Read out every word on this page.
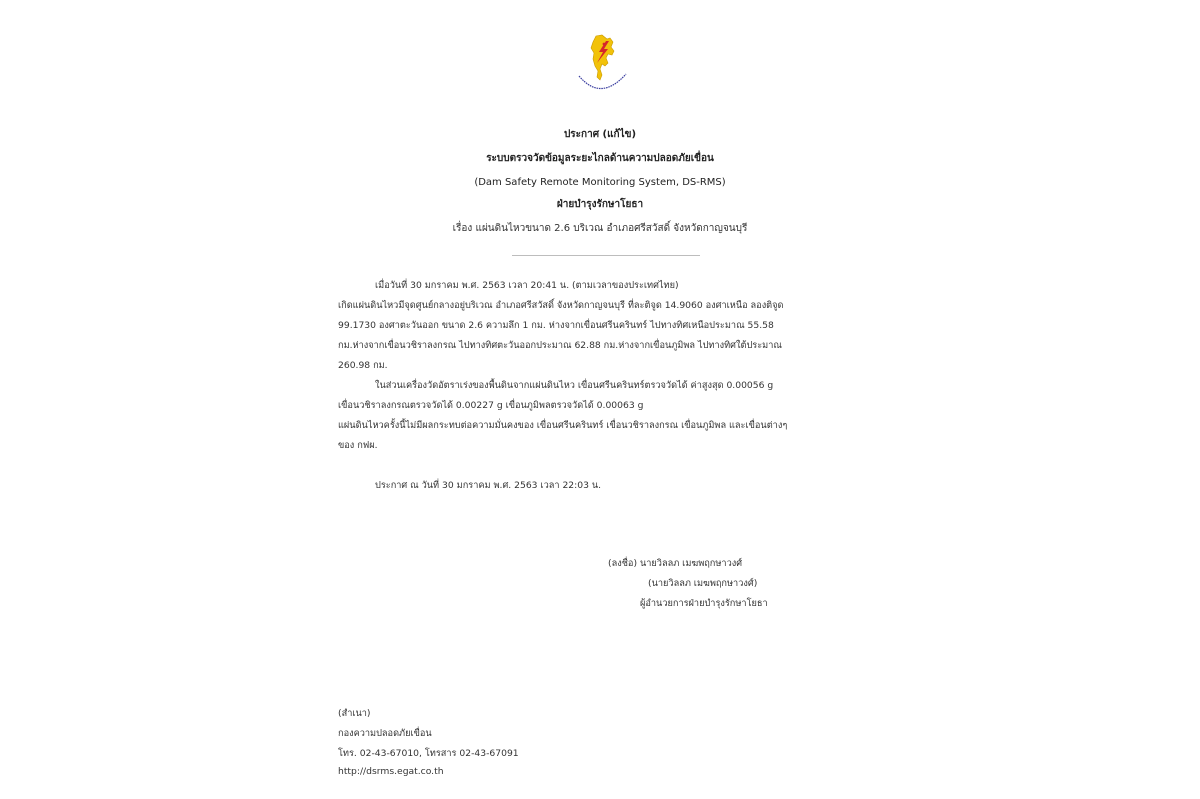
ประกาศ (แก้ไข)
ระบบตรวจวัดข้อมูลระยะไกลด้านความปลอดภัยเขื่อน
(Dam Safety Remote Monitoring System, DS-RMS)
ฝ่ายบำรุงรักษาโยธา
เรื่อง แผ่นดินไหวขนาด 2.6 บริเวณ อำเภอศรีสวัสดิ์ จังหวัดกาญจนบุรี
เมื่อวันที่ 30 มกราคม พ.ศ. 2563 เวลา 20:41 น. (ตามเวลาของประเทศไทย)
เกิดแผ่นดินไหวมีจุดศูนย์กลางอยู่บริเวณ อำเภอศรีสวัสดิ์ จังหวัดกาญจนบุรี ที่ละติจูด 14.9060 องศาเหนือ ลองติจูด
99.1730 องศาตะวันออก ขนาด 2.6 ความลึก 1 กม. ห่างจากเขื่อนศรีนครินทร์ ไปทางทิศเหนือประมาณ 55.58
กม.ห่างจากเขื่อนวชิราลงกรณ ไปทางทิศตะวันออกประมาณ 62.88 กม.ห่างจากเขื่อนภูมิพล ไปทางทิศใต้ประมาณ
260.98 กม.
ในส่วนเครื่องวัดอัตราเร่งของพื้นดินจากแผ่นดินไหว เขื่อนศรีนครินทร์ตรวจวัดได้ ค่าสูงสุด 0.00056 g
เขื่อนวชิราลงกรณตรวจวัดได้ 0.00227 g เขื่อนภูมิพลตรวจวัดได้ 0.00063 g
แผ่นดินไหวครั้งนี้ไม่มีผลกระทบต่อความมั่นคงของ เขื่อนศรีนครินทร์ เขื่อนวชิราลงกรณ เขื่อนภูมิพล และเขื่อนต่างๆ
ของ กฟผ.
ประกาศ ณ วันที่ 30 มกราคม พ.ศ. 2563 เวลา 22:03 น.
(ลงชื่อ) นายวิลลภ เมฆพฤกษาวงศ์
(นายวิลลภ เมฆพฤกษาวงศ์)
ผู้อำนวยการฝ่ายบำรุงรักษาโยธา
(สำเนา)
กองความปลอดภัยเขื่อน
โทร. 02-43-67010, โทรสาร 02-43-67091
http://dsrms.egat.co.th
